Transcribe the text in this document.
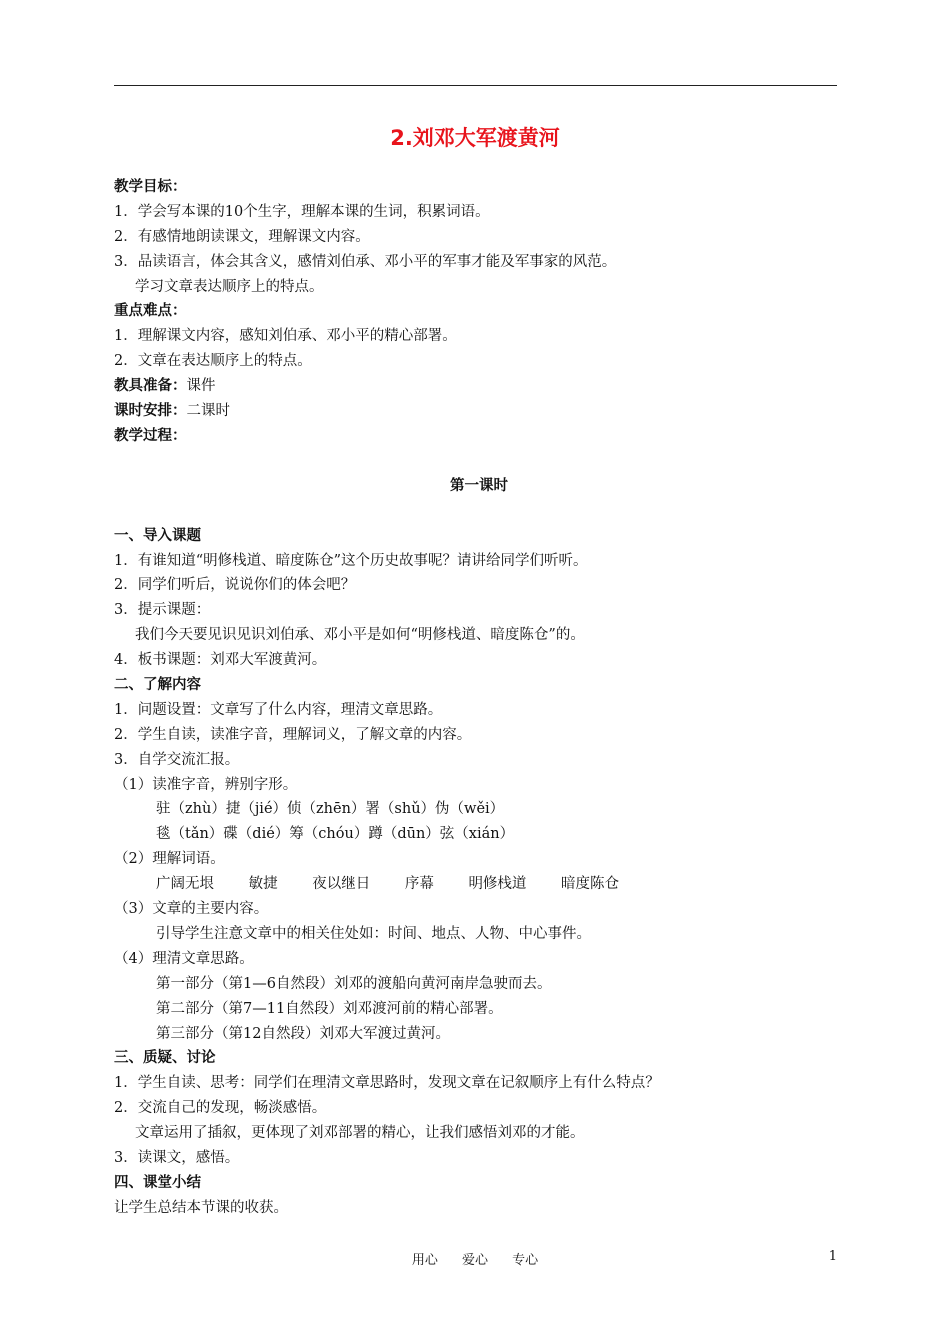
2.刘邓大军渡黄河
教学目标：
1．学会写本课的10个生字，理解本课的生词，积累词语。
2．有感情地朗读课文，理解课文内容。
3．品读语言，体会其含义，感情刘伯承、邓小平的军事才能及军事家的风范。
学习文章表达顺序上的特点。
重点难点：
1．理解课文内容，感知刘伯承、邓小平的精心部署。
2．文章在表达顺序上的特点。
教具准备：课件
课时安排：二课时
教学过程：
第一课时
一、导入课题
1．有谁知道“明修栈道、暗度陈仓”这个历史故事呢？请讲给同学们听听。
2．同学们听后，说说你们的体会吧？
3．提示课题：
我们今天要见识见识刘伯承、邓小平是如何“明修栈道、暗度陈仓”的。
4．板书课题：刘邓大军渡黄河。
二、了解内容
1．问题设置：文章写了什么内容，理清文章思路。
2．学生自读，读准字音，理解词义，了解文章的内容。
3．自学交流汇报。
（1）读准字音，辨别字形。
驻（zhù）捷（jié）侦（zhēn）署（shǔ）伪（wěi）
毯（tǎn）碟（dié）筹（chóu）蹲（dūn）弦（xián）
（2）理解词语。
广阔无垠 敏捷 夜以继日 序幕 明修栈道 暗度陈仓
（3）文章的主要内容。
引导学生注意文章中的相关住处如：时间、地点、人物、中心事件。
（4）理清文章思路。
第一部分（第1—6自然段）刘邓的渡船向黄河南岸急驶而去。
第二部分（第7—11自然段）刘邓渡河前的精心部署。
第三部分（第12自然段）刘邓大军渡过黄河。
三、质疑、讨论
1．学生自读、思考：同学们在理清文章思路时，发现文章在记叙顺序上有什么特点？
2．交流自己的发现，畅淡感悟。
文章运用了插叙，更体现了刘邓部署的精心，让我们感悟刘邓的才能。
3．读课文，感悟。
四、课堂小结
让学生总结本节课的收获。
用心 爱心 专心	1
